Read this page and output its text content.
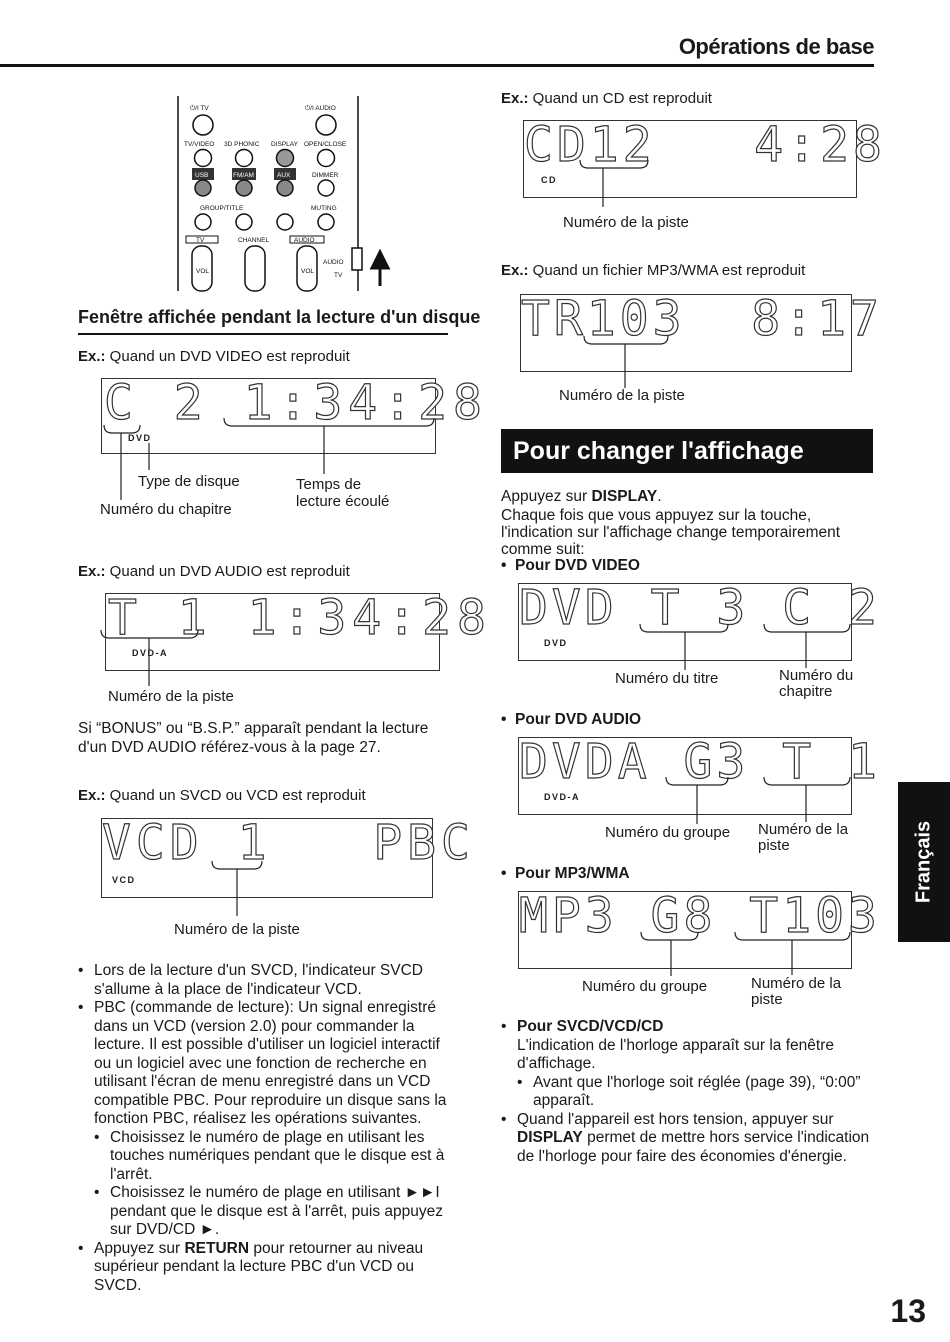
Opérations de base
⏻/I TV	⏻/I AUDIO
TV/VIDEO 3D PHONIC DISPLAY OPEN/CLOSE
USB	FM/AM	AUX	DIMMER
GROUP/TITLE	MUTING
TV	CHANNEL	AUDIO
VOL	VOL
AUDIO
TV
Fenêtre affichée pendant la lecture d'un disque
Ex.: Quand un DVD VIDEO est reproduit
C 2 1:34:28
DVD
Type de disque
Numéro du chapitre
Temps de
lecture écoulé
Ex.: Quand un DVD AUDIO est reproduit
T 1 1:34:28
DVD-A
Numéro de la piste
Si “BONUS” ou “B.S.P.” apparaît pendant la lecture d'un DVD AUDIO référez-vous à la page 27.
Ex.: Quand un SVCD ou VCD est reproduit
VCD 1   PBC
VCD
Numéro de la piste
• Lors de la lecture d'un SVCD, l'indicateur SVCD s'allume à la place de l'indicateur VCD.
• PBC (commande de lecture): Un signal enregistré dans un VCD (version 2.0) pour commander la lecture. Il est possible d'utiliser un logiciel interactif ou un logiciel avec une fonction de recherche en utilisant l'écran de menu enregistré dans un VCD compatible PBC. Pour reproduire un disque sans la fonction PBC, réalisez les opérations suivantes.
• Choisissez le numéro de plage en utilisant les touches numériques pendant que le disque est à l'arrêt.
• Choisissez le numéro de plage en utilisant ►►I pendant que le disque est à l'arrêt, puis appuyez sur DVD/CD ►.
• Appuyez sur RETURN pour retourner au niveau supérieur pendant la lecture PBC d'un VCD ou SVCD.
Ex.: Quand un CD est reproduit
CD12   4:28
CD
Numéro de la piste
Ex.: Quand un fichier MP3/WMA est reproduit
TR103  8:17
Numéro de la piste
Pour changer l'affichage
Appuyez sur DISPLAY.
Chaque fois que vous appuyez sur la touche, l'indication sur l'affichage change temporairement comme suit:
•  Pour DVD VIDEO
DVD T 3 C 2
DVD
Numéro du titre	Numéro du
chapitre
•  Pour DVD AUDIO
DVDA G3 T 1
DVD-A
Numéro du groupe Numéro de la
piste
•  Pour MP3/WMA
MP3 G8 T103
Numéro du groupe	Numéro de la
piste
• Pour SVCD/VCD/CD
L'indication de l'horloge apparaît sur la fenêtre d'affichage.
• Avant que l'horloge soit réglée (page 39), “0:00” apparaît.
• Quand l'appareil est hors tension, appuyer sur DISPLAY permet de mettre hors service l'indication de l'horloge pour faire des économies d'énergie.
Français
13
